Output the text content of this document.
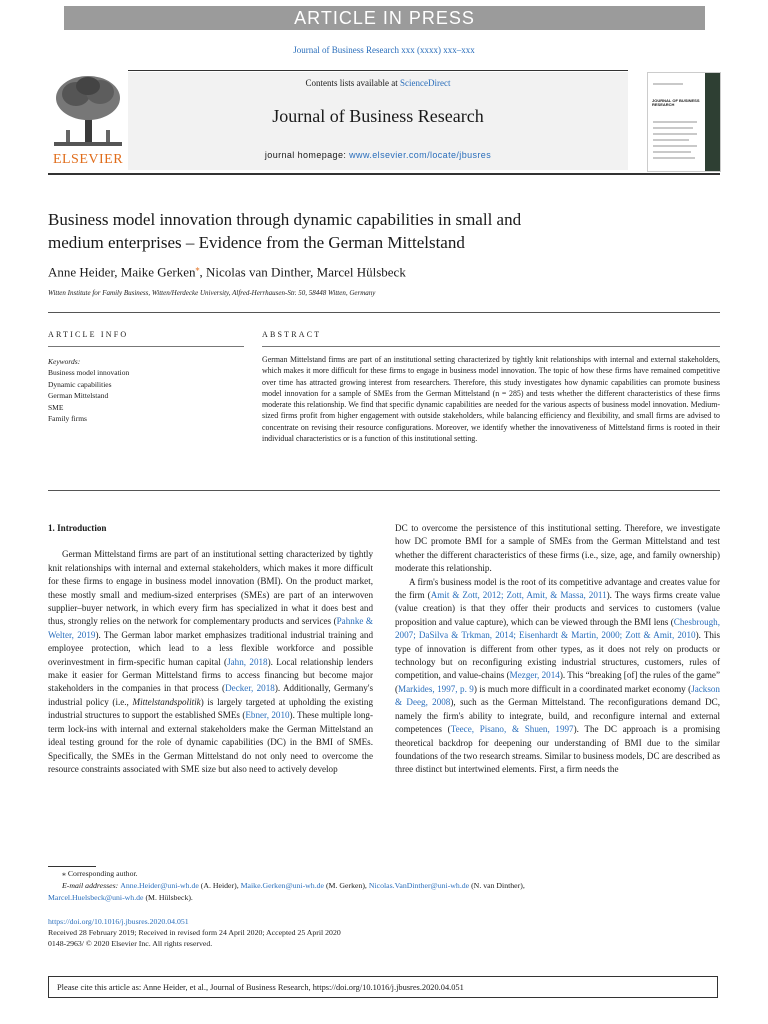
ARTICLE IN PRESS
Journal of Business Research xxx (xxxx) xxx–xxx
ELSEVIER
Contents lists available at ScienceDirect
Journal of Business Research
journal homepage: www.elsevier.com/locate/jbusres
JOURNAL OF BUSINESS RESEARCH
Business model innovation through dynamic capabilities in small and
medium enterprises – Evidence from the German Mittelstand
Anne Heider, Maike Gerken⁎, Nicolas van Dinther, Marcel Hülsbeck
Witten Institute for Family Business, Witten/Herdecke University, Alfred-Herrhausen-Str. 50, 58448 Witten, Germany
ARTICLE INFO	ABSTRACT
Keywords:
Business model innovation
Dynamic capabilities
German Mittelstand
SME
Family firms
German Mittelstand firms are part of an institutional setting characterized by tightly knit relationships with internal and external stakeholders, which makes it more difficult for these firms to engage in business model innovation. The topic of how these firms have remained competitive over time has attracted growing interest from researchers. Therefore, this study investigates how dynamic capabilities can promote business model innovation for a sample of SMEs from the German Mittelstand (n = 285) and tests whether the different characteristics of these firms moderate this relationship. We find that specific dynamic capabilities are needed for the various aspects of business model innovation. Medium-sized firms profit from higher engagement with outside stakeholders, while balancing efficiency and flexibility, and small firms are advised to concentrate on revising their resource configurations. Moreover, we identify whether the innovativeness of Mittelstand firms is rooted in their individual characteristics or is a function of this institutional setting.
1. Introduction

German Mittelstand firms are part of an institutional setting characterized by tightly knit relationships with internal and external stakeholders, which makes it more difficult for these firms to engage in business model innovation (BMI). On the product market, these mostly small and medium-sized enterprises (SMEs) are part of an interwoven supplier–buyer network, in which every firm has specialized in what it does best and thus, strongly relies on the network for complementary products and services (Pahnke & Welter, 2019). The German labor market emphasizes traditional industrial training and employee protection, which lead to a less flexible workforce and possible overinvestment in firm-specific human capital (Jahn, 2018). Local relationship lenders make it easier for German Mittelstand firms to access financing but become major stakeholders in the companies in that process (Decker, 2018). Additionally, Germany's industrial policy (i.e., Mittelstandspolitik) is largely targeted at upholding the existing industrial structures to support the established SMEs (Ebner, 2010). These multiple long-term lock-ins with internal and external stakeholders make the German Mittelstand an ideal testing ground for the role of dynamic capabilities (DC) in the BMI of SMEs. Specifically, the SMEs in the German Mittelstand do not only need to overcome the resource constraints associated with SME size but also need to actively develop

DC to overcome the persistence of this institutional setting. Therefore, we investigate how DC promote BMI for a sample of SMEs from the German Mittelstand and test whether the different characteristics of these firms (i.e., size, age, and family ownership) moderate this relationship.

A firm's business model is the root of its competitive advantage and creates value for the firm (Amit & Zott, 2012; Zott, Amit, & Massa, 2011). The ways firms create value (value creation) is that they offer their products and services to customers (value proposition and value capture), which can be viewed through the BMI lens (Chesbrough, 2007; DaSilva & Trkman, 2014; Eisenhardt & Martin, 2000; Zott & Amit, 2010). This type of innovation is different from other types, as it does not rely on products or technology but on reconfiguring existing industrial structures, customers, rules of competition, and value-chains (Mezger, 2014). This “breaking [of] the rules of the game” (Markides, 1997, p. 9) is much more difficult in a coordinated market economy (Jackson & Deeg, 2008), such as the German Mittelstand. The reconfigurations demand DC, namely the firm's ability to integrate, build, and reconfigure internal and external competences (Teece, Pisano, & Shuen, 1997). The DC approach is a promising theoretical backdrop for deepening our understanding of BMI due to the similar foundations of the two research streams. Similar to business models, DC are described as three distinct but intertwined elements. First, a firm needs the

⁎ Corresponding author.
E-mail addresses: Anne.Heider@uni-wh.de (A. Heider), Maike.Gerken@uni-wh.de (M. Gerken), Nicolas.VanDinther@uni-wh.de (N. van Dinther),
Marcel.Huelsbeck@uni-wh.de (M. Hülsbeck).
https://doi.org/10.1016/j.jbusres.2020.04.051
Received 28 February 2019; Received in revised form 24 April 2020; Accepted 25 April 2020
0148-2963/ © 2020 Elsevier Inc. All rights reserved.
Please cite this article as: Anne Heider, et al., Journal of Business Research, https://doi.org/10.1016/j.jbusres.2020.04.051
